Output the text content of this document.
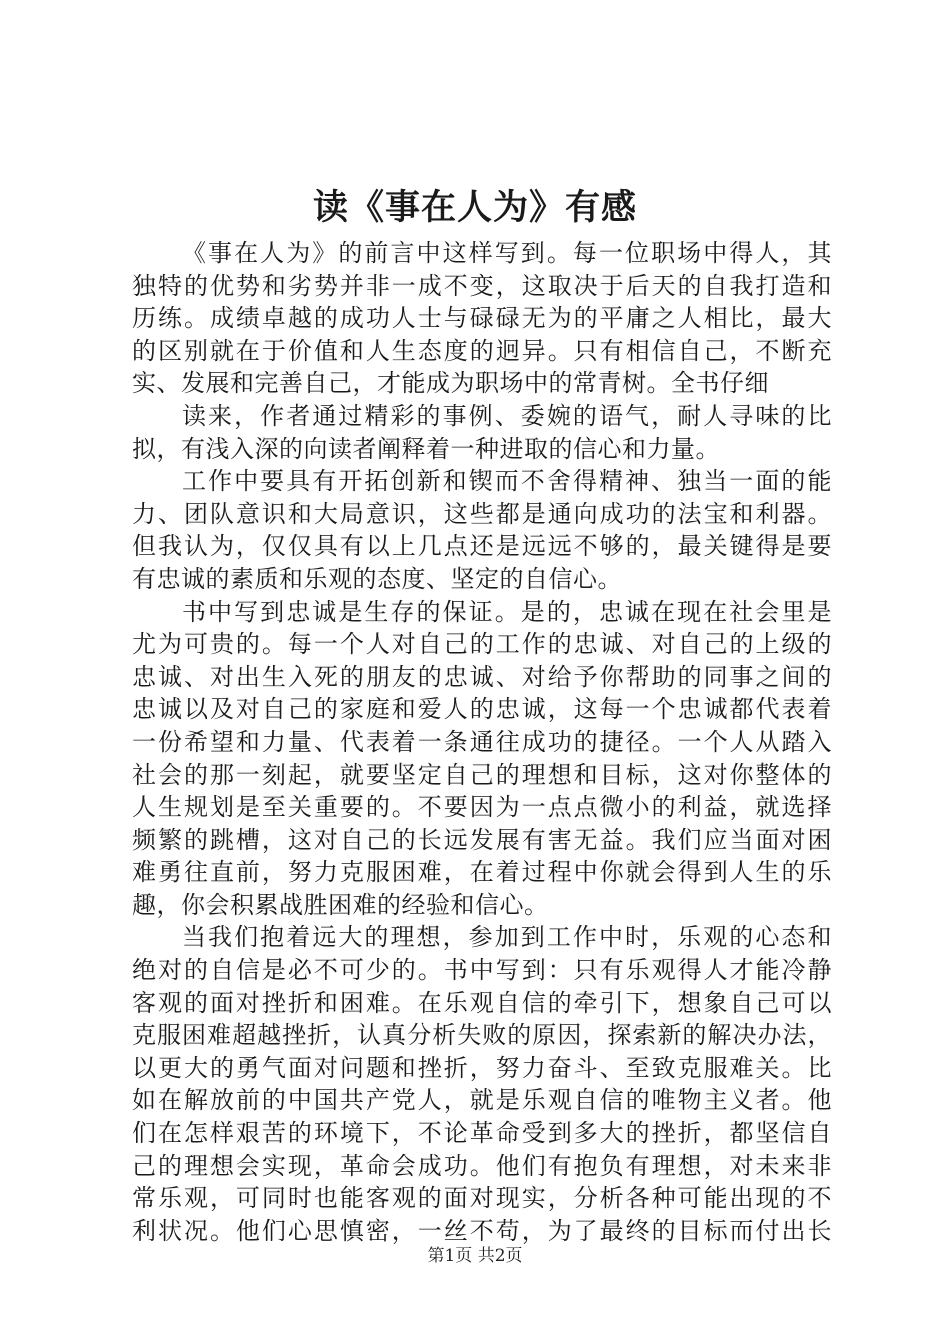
读《事在人为》有感
《事在人为》的前言中这样写到。每一位职场中得人，其
独特的优势和劣势并非一成不变，这取决于后天的自我打造和
历练。成绩卓越的成功人士与碌碌无为的平庸之人相比，最大
的区别就在于价值和人生态度的迥异。只有相信自己，不断充
实、发展和完善自己，才能成为职场中的常青树。全书仔细
读来，作者通过精彩的事例、委婉的语气，耐人寻味的比
拟，有浅入深的向读者阐释着一种进取的信心和力量。
工作中要具有开拓创新和锲而不舍得精神、独当一面的能
力、团队意识和大局意识，这些都是通向成功的法宝和利器。
但我认为，仅仅具有以上几点还是远远不够的，最关键得是要
有忠诚的素质和乐观的态度、坚定的自信心。
书中写到忠诚是生存的保证。是的，忠诚在现在社会里是
尤为可贵的。每一个人对自己的工作的忠诚、对自己的上级的
忠诚、对出生入死的朋友的忠诚、对给予你帮助的同事之间的
忠诚以及对自己的家庭和爱人的忠诚，这每一个忠诚都代表着
一份希望和力量、代表着一条通往成功的捷径。一个人从踏入
社会的那一刻起，就要坚定自己的理想和目标，这对你整体的
人生规划是至关重要的。不要因为一点点微小的利益，就选择
频繁的跳槽，这对自己的长远发展有害无益。我们应当面对困
难勇往直前，努力克服困难，在着过程中你就会得到人生的乐
趣，你会积累战胜困难的经验和信心。
当我们抱着远大的理想，参加到工作中时，乐观的心态和
绝对的自信是必不可少的。书中写到：只有乐观得人才能冷静
客观的面对挫折和困难。在乐观自信的牵引下，想象自己可以
克服困难超越挫折，认真分析失败的原因，探索新的解决办法，
以更大的勇气面对问题和挫折，努力奋斗、至致克服难关。比
如在解放前的中国共产党人，就是乐观自信的唯物主义者。他
们在怎样艰苦的环境下，不论革命受到多大的挫折，都坚信自
己的理想会实现，革命会成功。他们有抱负有理想，对未来非
常乐观，可同时也能客观的面对现实，分析各种可能出现的不
利状况。他们心思慎密，一丝不苟，为了最终的目标而付出长
第1页 共2页
